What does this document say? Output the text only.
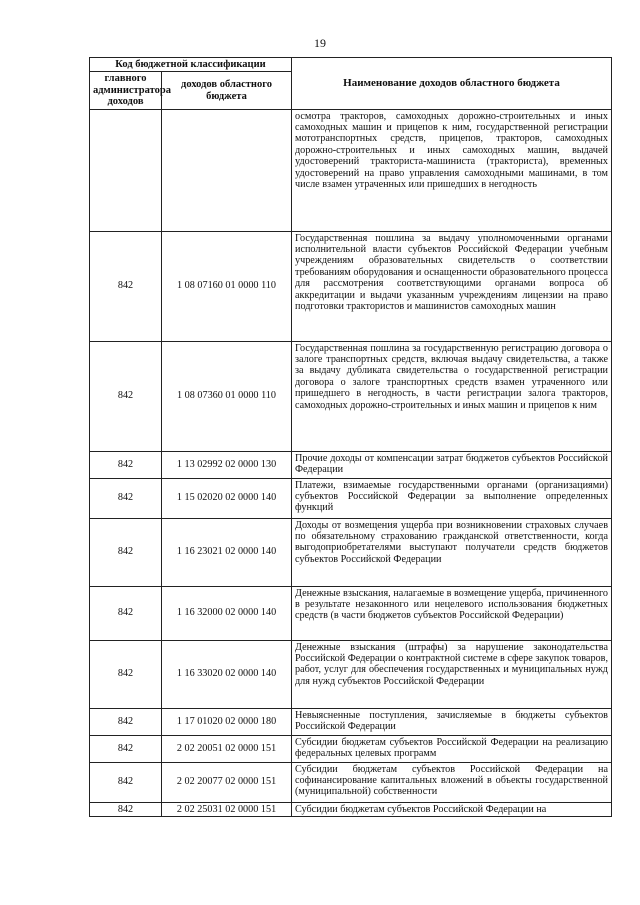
19
Код бюджетной классификации		Наименование доходов областного бюджета
главного администратора доходов	доходов областного бюджета	
		осмотра тракторов, самоходных дорожно-строительных и иных самоходных машин и прицепов к ним, государственной регистрации мототранспортных средств, прицепов, тракторов, самоходных дорожно-строительных и иных самоходных машин, выдачей удостоверений тракториста-машиниста (тракториста), временных удостоверений на право управления самоходными машинами, в том числе взамен утраченных или пришедших в негодность
842	1 08 07160 01 0000 110	Государственная пошлина за выдачу уполномоченными органами исполнительной власти субъектов Российской Федерации учебным учреждениям образовательных свидетельств о соответствии требованиям оборудования и оснащенности образовательного процесса для рассмотрения соответствующими органами вопроса об аккредитации и выдачи указанным учреждениям лицензии на право подготовки трактористов и машинистов самоходных машин
842	1 08 07360 01 0000 110	Государственная пошлина за государственную регистрацию договора о залоге транспортных средств, включая выдачу свидетельства, а также за выдачу дубликата свидетельства о государственной регистрации договора о залоге транспортных средств взамен утраченного или пришедшего в негодность, в части регистрации залога тракторов, самоходных дорожно-строительных и иных машин и прицепов к ним
842	1 13 02992 02 0000 130	Прочие доходы от компенсации затрат бюджетов субъектов Российской Федерации
842	1 15 02020 02 0000 140	Платежи, взимаемые государственными органами (организациями) субъектов Российской Федерации за выполнение определенных функций
842	1 16 23021 02 0000 140	Доходы от возмещения ущерба при возникновении страховых случаев по обязательному страхованию гражданской ответственности, когда выгодоприобретателями выступают получатели средств бюджетов субъектов Российской Федерации
842	1 16 32000 02 0000 140	Денежные взыскания, налагаемые в возмещение ущерба, причиненного в результате незаконного или нецелевого использования бюджетных средств (в части бюджетов субъектов Российской Федерации)
842	1 16 33020 02 0000 140	Денежные взыскания (штрафы) за нарушение законодательства Российской Федерации о контрактной системе в сфере закупок товаров, работ, услуг для обеспечения государственных и муниципальных нужд для нужд субъектов Российской Федерации
842	1 17 01020 02 0000 180	Невыясненные поступления, зачисляемые в бюджеты субъектов Российской Федерации
842	2 02 20051 02 0000 151	Субсидии бюджетам субъектов Российской Федерации на реализацию федеральных целевых программ
842	2 02 20077 02 0000 151	Субсидии бюджетам субъектов Российской Федерации на софинансирование капитальных вложений в объекты государственной (муниципальной) собственности
842	2 02 25031 02 0000 151	Субсидии бюджетам субъектов Российской Федерации на
